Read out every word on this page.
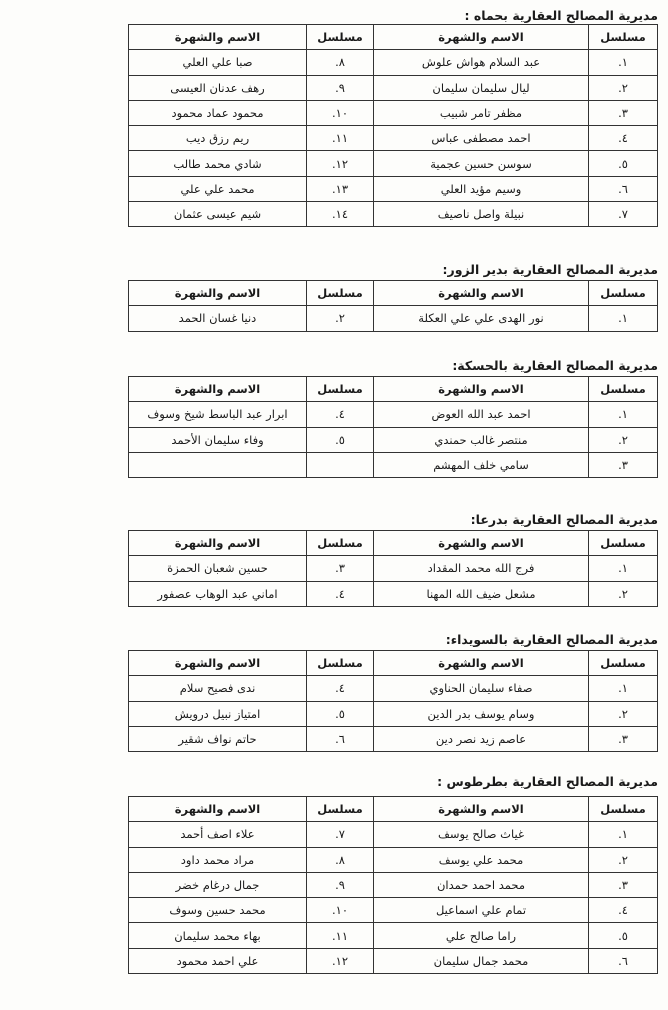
مديرية المصالح العقارية بحماه :
مسلسل	الاسم والشهرة	مسلسل	الاسم والشهرة
١.	عبد السلام هواش علوش	٨.	صبا علي العلي
٢.	ليال سليمان سليمان	٩.	رهف عدنان العيسى
٣.	مظفر تامر شبيب	١٠.	محمود عماد محمود
٤.	احمد مصطفى عباس	١١.	ريم رزق ديب
٥.	سوسن حسين عجمية	١٢.	شادي محمد طالب
٦.	وسيم مؤيد العلي	١٣.	محمد علي علي
٧.	نبيلة واصل ناصيف	١٤.	شيم عيسى عثمان
مديرية المصالح العقارية بدير الزور:
مسلسل	الاسم والشهرة	مسلسل	الاسم والشهرة
١.	نور الهدى علي علي العكلة	٢.	دنيا غسان الحمد
مديرية المصالح العقارية بالحسكة:
مسلسل	الاسم والشهرة	مسلسل	الاسم والشهرة
١.	احمد عبد الله العوض	٤.	ابرار عبد الباسط شيخ وسوف
٢.	منتصر غالب حمندي	٥.	وفاء سليمان الأحمد
٣.	سامي خلف المهشم		
مديرية المصالح العقارية بدرعا:
مسلسل	الاسم والشهرة	مسلسل	الاسم والشهرة
١.	فرج الله محمد المقداد	٣.	حسين شعبان الحمزة
٢.	مشعل ضيف الله المهنا	٤.	اماني عبد الوهاب عصفور
مديرية المصالح العقارية بالسويداء:
مسلسل	الاسم والشهرة	مسلسل	الاسم والشهرة
١.	صفاء سليمان الحناوي	٤.	ندى فصيح سلام
٢.	وسام يوسف بدر الدين	٥.	امتياز نبيل درويش
٣.	عاصم زيد نصر دين	٦.	حاتم نواف شقير
مديرية المصالح العقارية بطرطوس :
مسلسل	الاسم والشهرة	مسلسل	الاسم والشهرة
١.	غياث صالح يوسف	٧.	علاء اصف أحمد
٢.	محمد علي يوسف	٨.	مراد محمد داود
٣.	محمد احمد حمدان	٩.	جمال درغام خضر
٤.	تمام علي اسماعيل	١٠.	محمد حسين وسوف
٥.	راما صالح علي	١١.	بهاء محمد سليمان
٦.	محمد جمال سليمان	١٢.	علي احمد محمود
